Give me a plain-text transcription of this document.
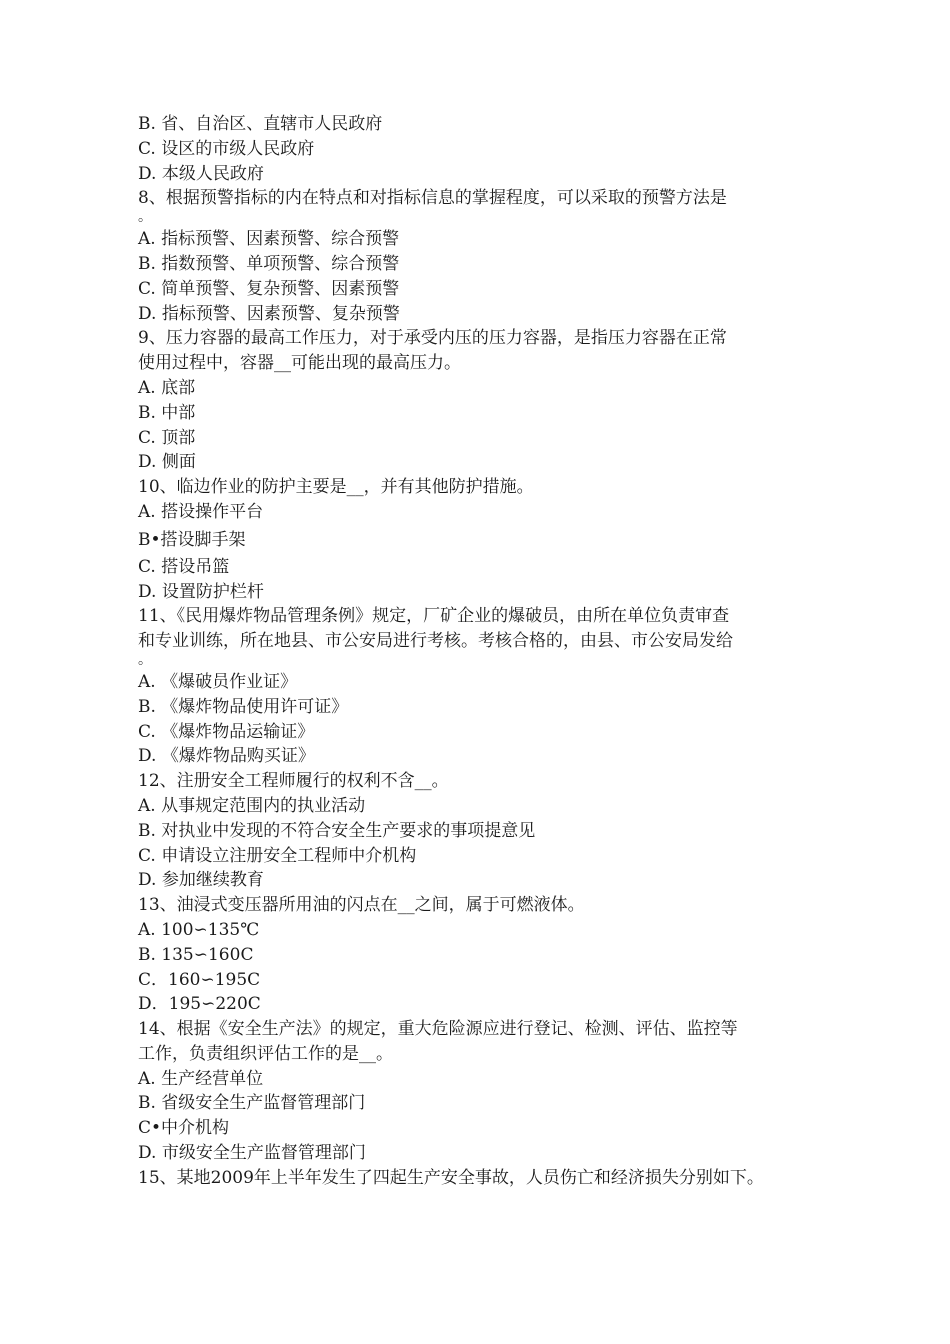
B. 省、自治区、直辖市人民政府
C. 设区的市级人民政府
D. 本级人民政府
8、根据预警指标的内在特点和对指标信息的掌握程度，可以采取的预警方法是
。
A. 指标预警、因素预警、综合预警
B. 指数预警、单项预警、综合预警
C. 简单预警、复杂预警、因素预警
D. 指标预警、因素预警、复杂预警
9、压力容器的最高工作压力，对于承受内压的压力容器，是指压力容器在正常
使用过程中，容器__可能出现的最高压力。
A. 底部
B. 中部
C. 顶部
D. 侧面
10、临边作业的防护主要是__，并有其他防护措施。
A. 搭设操作平台
B•搭设脚手架
C. 搭设吊篮
D. 设置防护栏杆
11、《民用爆炸物品管理条例》规定，厂矿企业的爆破员，由所在单位负责审查
和专业训练，所在地县、市公安局进行考核。考核合格的，由县、市公安局发给
。
A. 《爆破员作业证》
B. 《爆炸物品使用许可证》
C. 《爆炸物品运输证》
D. 《爆炸物品购买证》
12、注册安全工程师履行的权利不含__。
A. 从事规定范围内的执业活动
B. 对执业中发现的不符合安全生产要求的事项提意见
C. 申请设立注册安全工程师中介机构
D. 参加继续教育
13、油浸式变压器所用油的闪点在__之间，属于可燃液体。
A. 100∽135℃
B. 135∽160C
C．160∽195C
D．195∽220C
14、根据《安全生产法》的规定，重大危险源应进行登记、检测、评估、监控等
工作，负责组织评估工作的是__。
A. 生产经营单位
B. 省级安全生产监督管理部门
C•中介机构
D. 市级安全生产监督管理部门
15、某地2009年上半年发生了四起生产安全事故，人员伤亡和经济损失分别如下。
